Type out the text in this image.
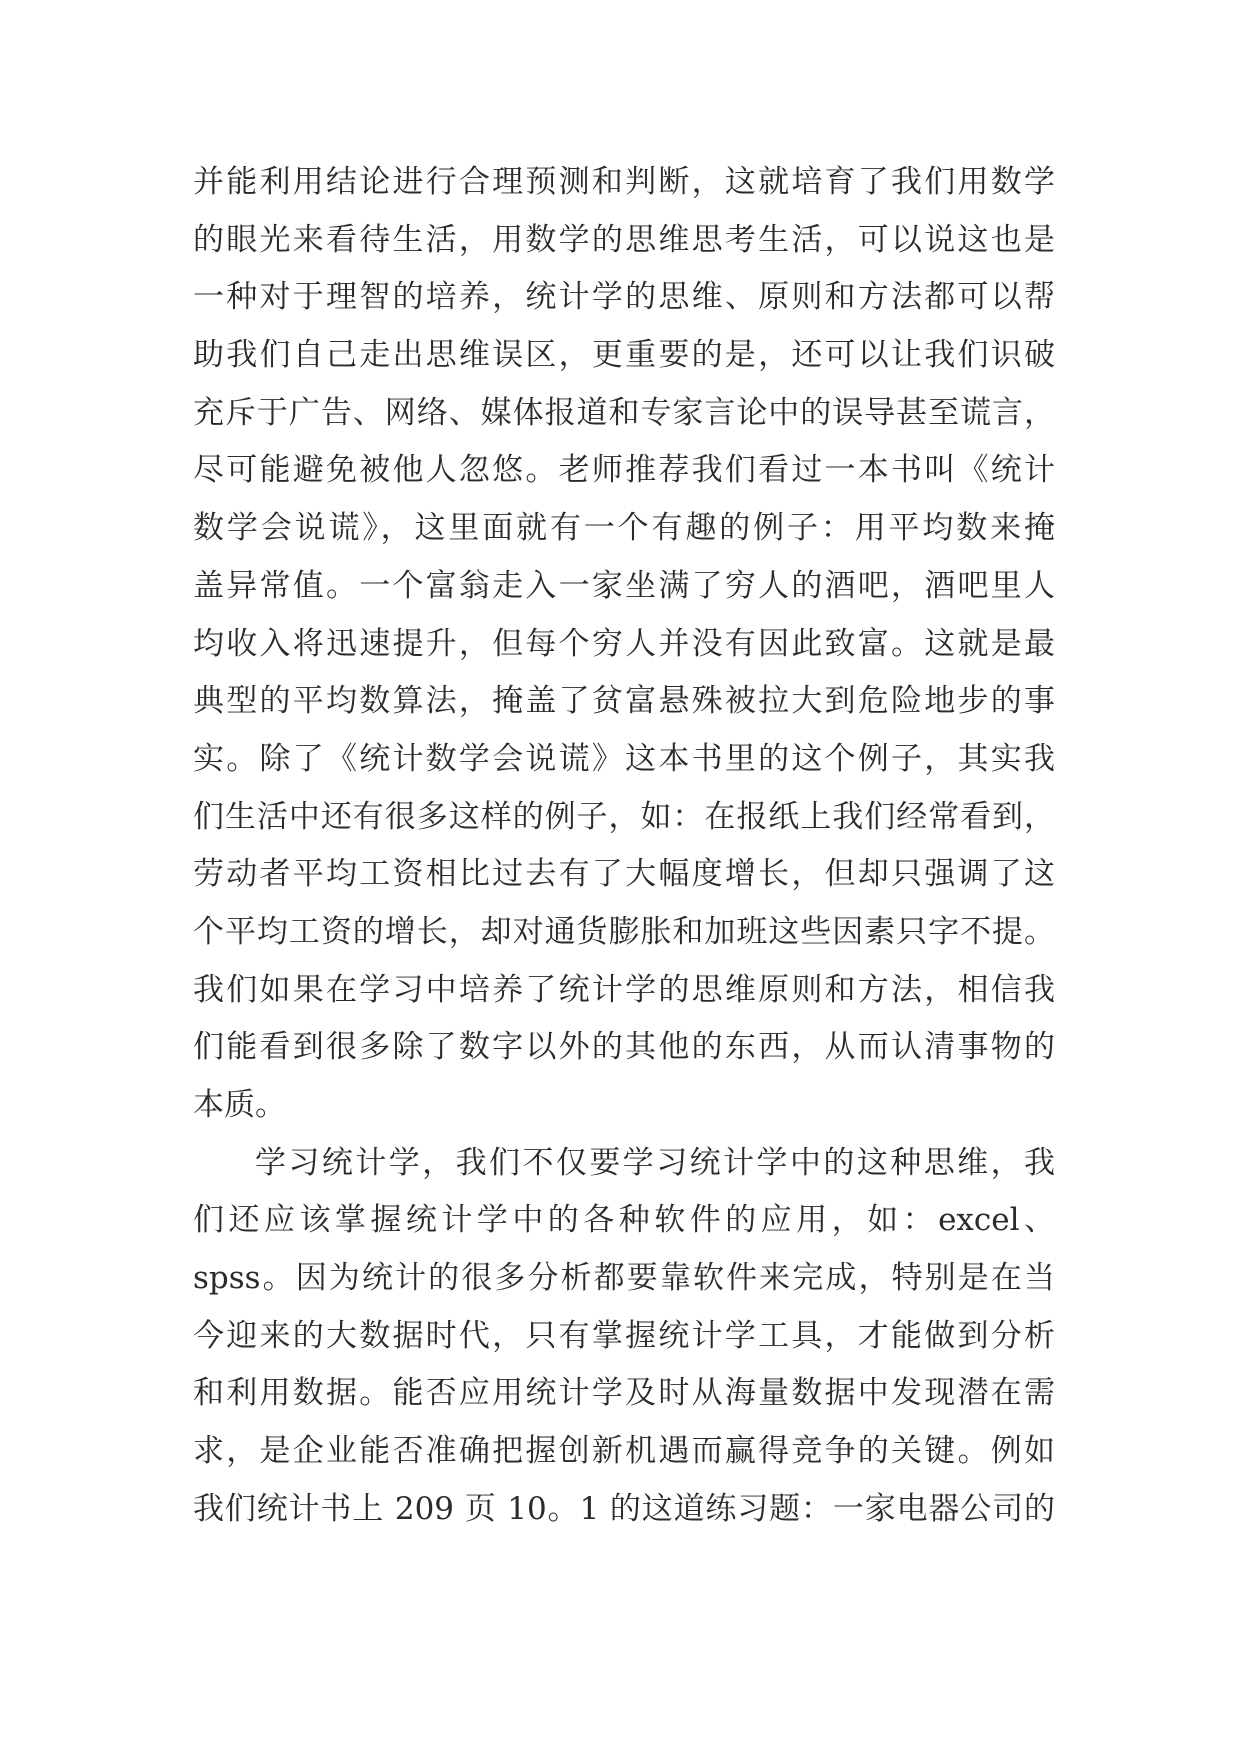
并能利用结论进行合理预测和判断，这就培育了我们用数学
的眼光来看待生活，用数学的思维思考生活，可以说这也是
一种对于理智的培养，统计学的思维、原则和方法都可以帮
助我们自己走出思维误区，更重要的是，还可以让我们识破
充斥于广告、网络、媒体报道和专家言论中的误导甚至谎言，
尽可能避免被他人忽悠。老师推荐我们看过一本书叫《统计
数学会说谎》，这里面就有一个有趣的例子：用平均数来掩
盖异常值。一个富翁走入一家坐满了穷人的酒吧，酒吧里人
均收入将迅速提升，但每个穷人并没有因此致富。这就是最
典型的平均数算法，掩盖了贫富悬殊被拉大到危险地步的事
实。除了《统计数学会说谎》这本书里的这个例子，其实我
们生活中还有很多这样的例子，如：在报纸上我们经常看到，
劳动者平均工资相比过去有了大幅度增长，但却只强调了这
个平均工资的增长，却对通货膨胀和加班这些因素只字不提。
我们如果在学习中培养了统计学的思维原则和方法，相信我
们能看到很多除了数字以外的其他的东西，从而认清事物的
本质。
学习统计学，我们不仅要学习统计学中的这种思维，我
们还应该掌握统计学中的各种软件的应用，如：excel、
spss。因为统计的很多分析都要靠软件来完成，特别是在当
今迎来的大数据时代，只有掌握统计学工具，才能做到分析
和利用数据。能否应用统计学及时从海量数据中发现潜在需
求，是企业能否准确把握创新机遇而赢得竞争的关键。例如
我们统计书上 209 页 10。1 的这道练习题：一家电器公司的
